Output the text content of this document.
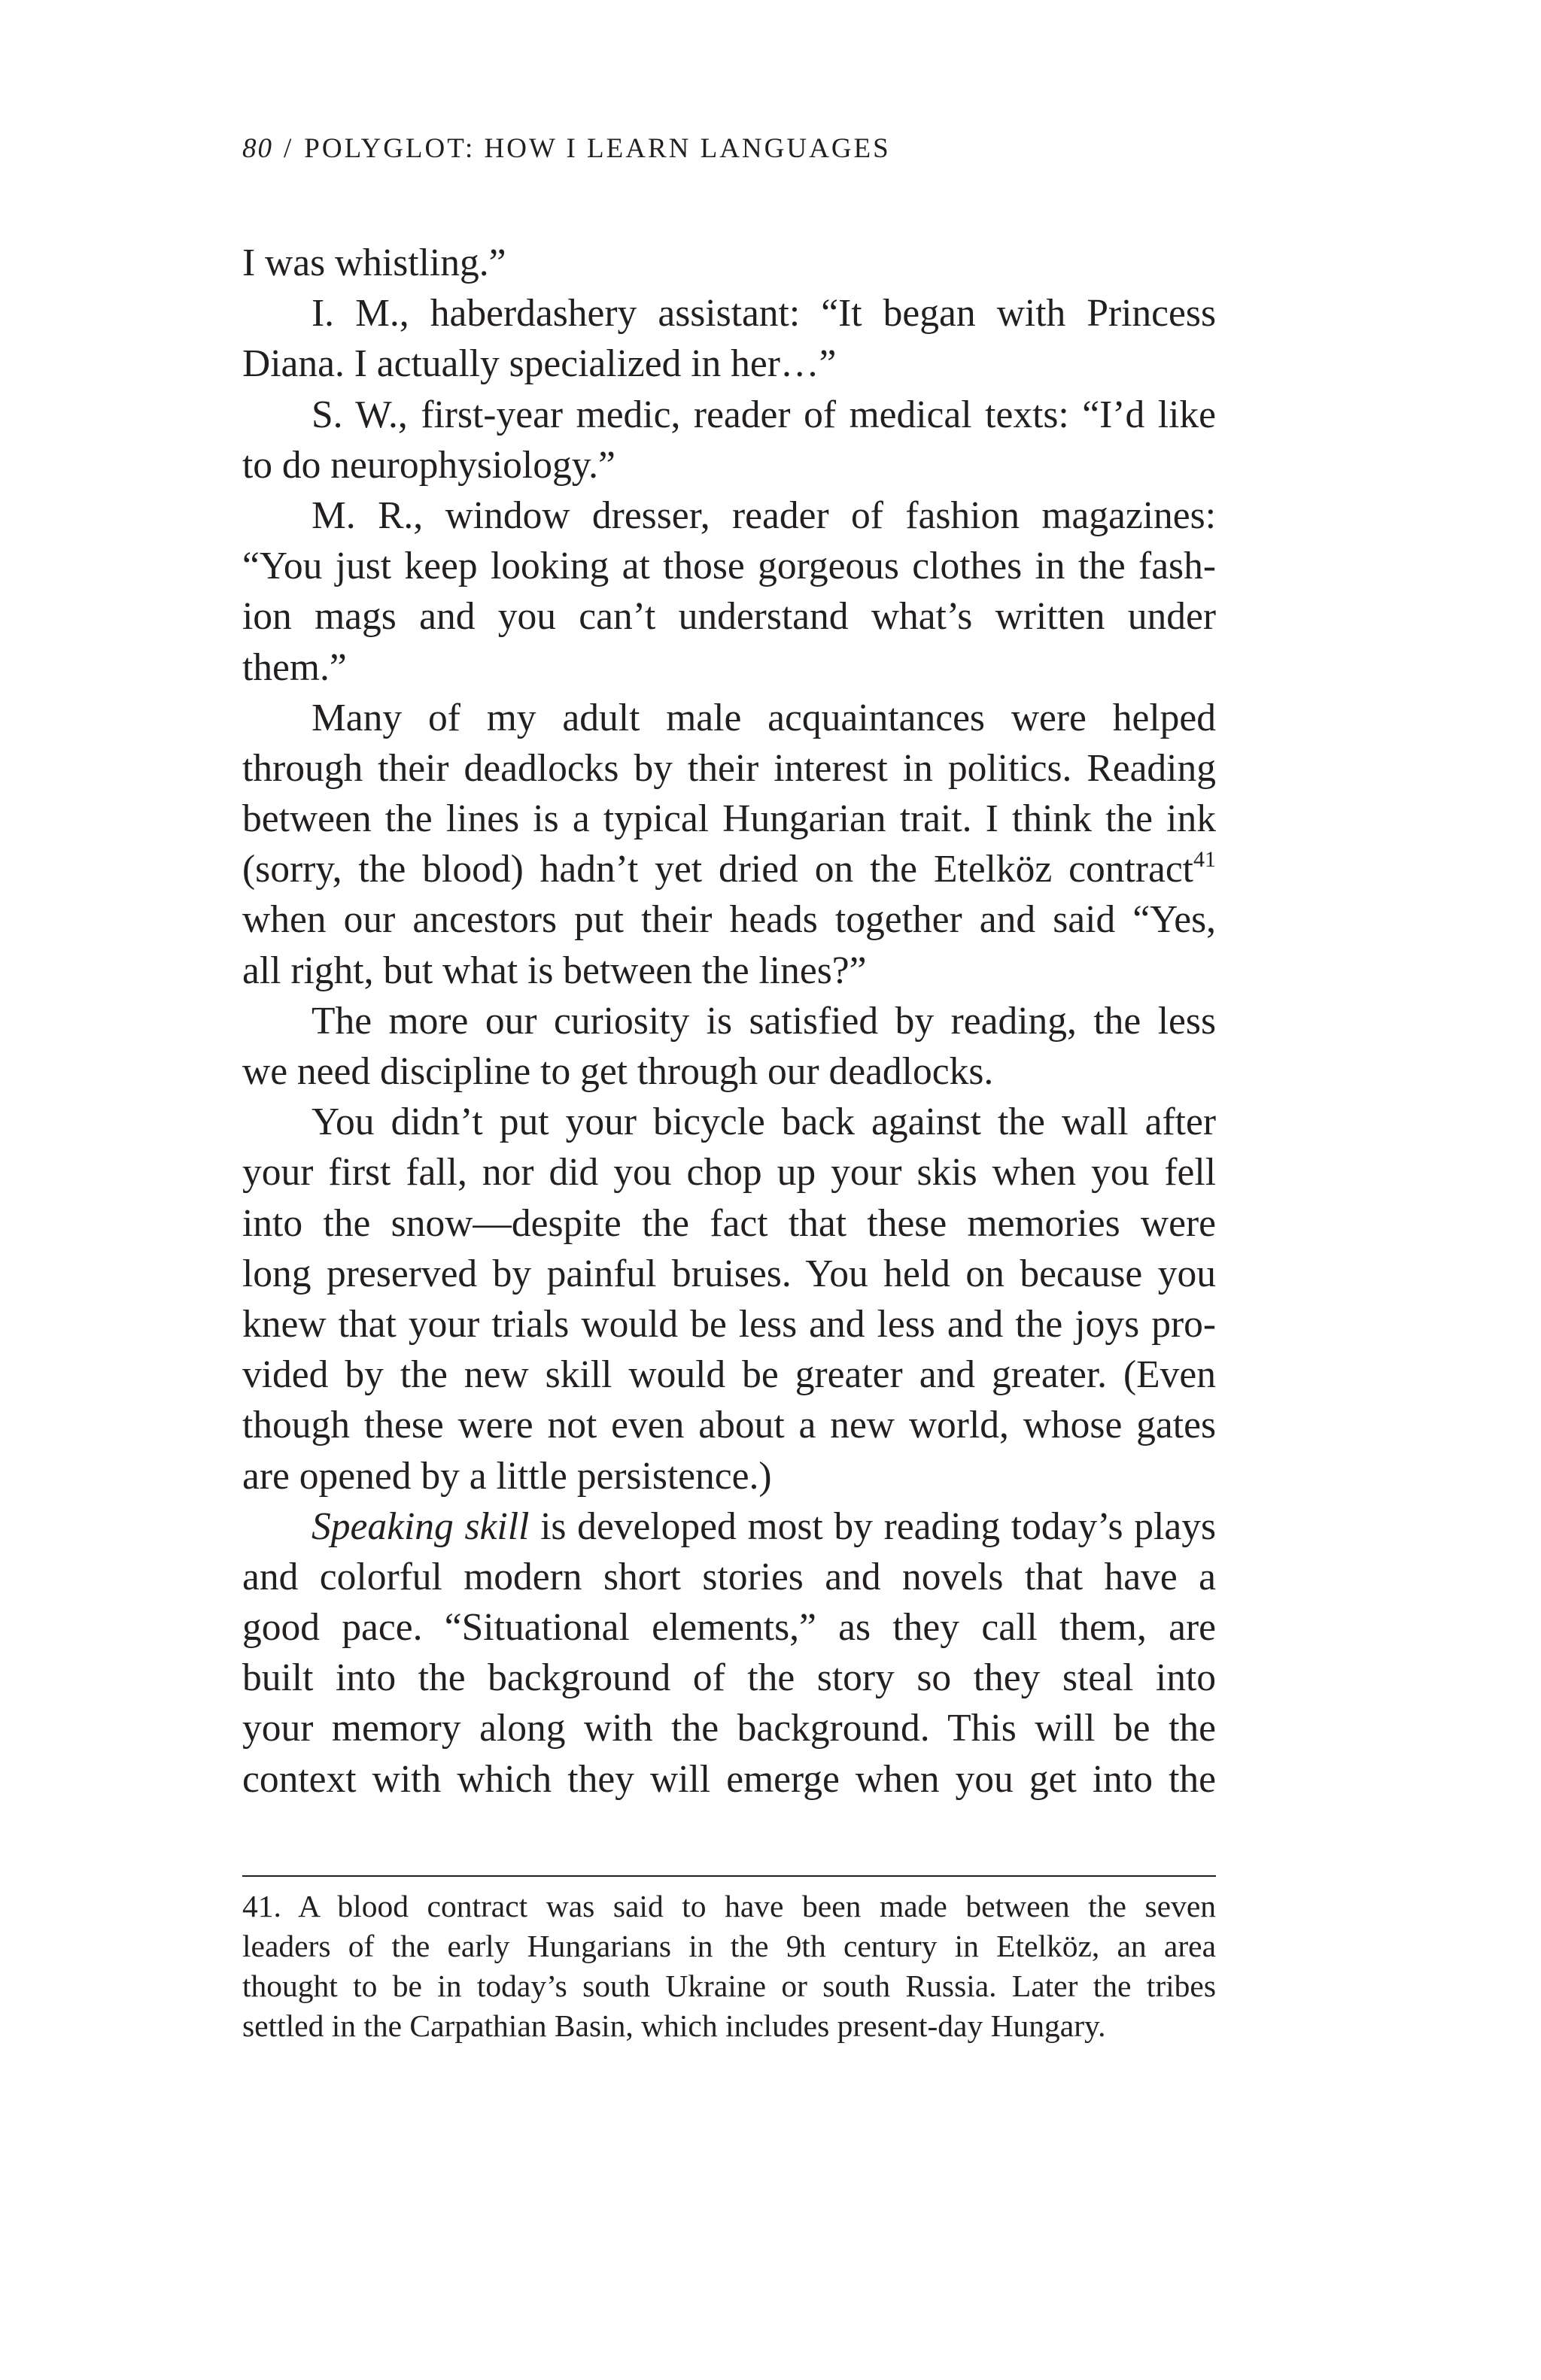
80 / POLYGLOT: HOW I LEARN LANGUAGES
I was whistling.”
I. M., haberdashery assistant: “It began with Princess
Diana. I actually specialized in her…”
S. W., first-year medic, reader of medical texts: “I’d like
to do neurophysiology.”
M. R., window dresser, reader of fashion magazines:
“You just keep looking at those gorgeous clothes in the fash-
ion mags and you can’t understand what’s written under
them.”
Many of my adult male acquaintances were helped
through their deadlocks by their interest in politics. Reading
between the lines is a typical Hungarian trait. I think the ink
(sorry, the blood) hadn’t yet dried on the Etelköz contract$^{41}$
when our ancestors put their heads together and said “Yes,
all right, but what is between the lines?”
The more our curiosity is satisfied by reading, the less
we need discipline to get through our deadlocks.
You didn’t put your bicycle back against the wall after
your first fall, nor did you chop up your skis when you fell
into the snow—despite the fact that these memories were
long preserved by painful bruises. You held on because you
knew that your trials would be less and less and the joys pro-
vided by the new skill would be greater and greater. (Even
though these were not even about a new world, whose gates
are opened by a little persistence.)
Speaking skill is developed most by reading today’s plays
and colorful modern short stories and novels that have a
good pace. “Situational elements,” as they call them, are
built into the background of the story so they steal into
your memory along with the background. This will be the
context with which they will emerge when you get into the
41. A blood contract was said to have been made between the seven
leaders of the early Hungarians in the 9th century in Etelköz, an area
thought to be in today’s south Ukraine or south Russia. Later the tribes
settled in the Carpathian Basin, which includes present-day Hungary.
